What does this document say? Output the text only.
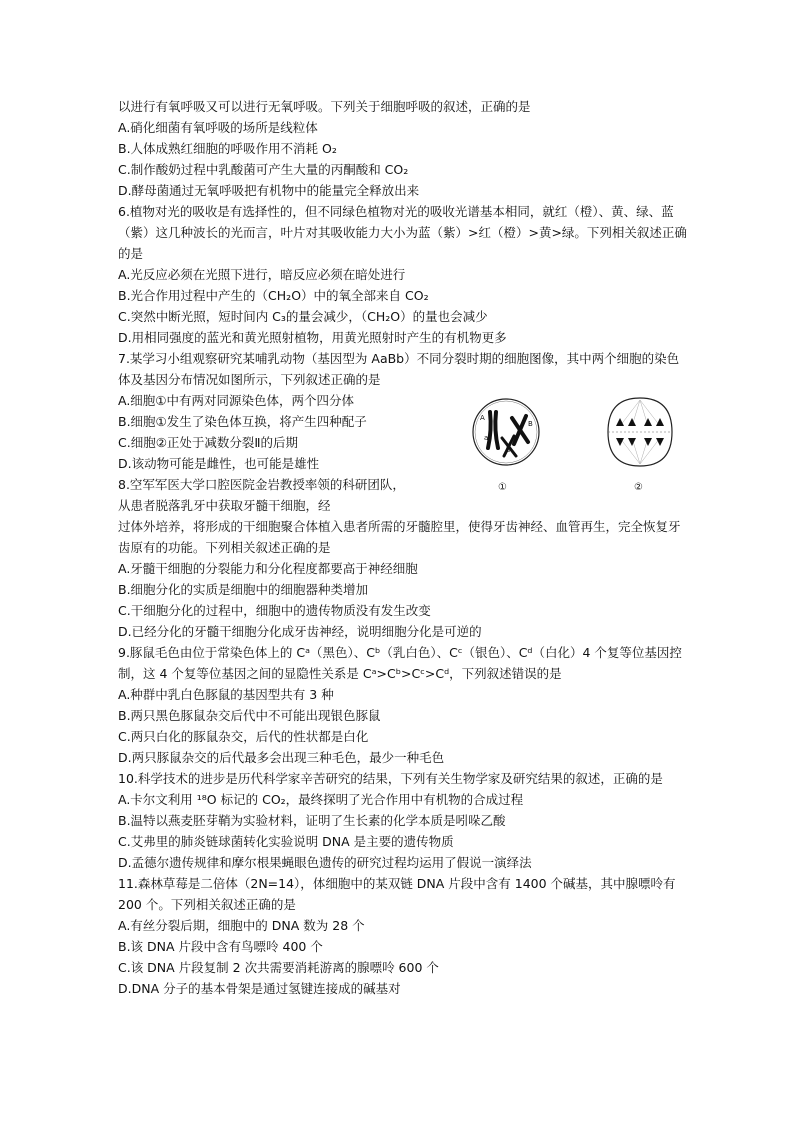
以进行有氧呼吸又可以进行无氧呼吸。下列关于细胞呼吸的叙述，正确的是
A.硝化细菌有氧呼吸的场所是线粒体
B.人体成熟红细胞的呼吸作用不消耗 O₂
C.制作酸奶过程中乳酸菌可产生大量的丙酮酸和 CO₂
D.酵母菌通过无氧呼吸把有机物中的能量完全释放出来
6.植物对光的吸收是有选择性的，但不同绿色植物对光的吸收光谱基本相同，就红（橙）、黄、绿、蓝（紫）这几种波长的光而言，叶片对其吸收能力大小为蓝（紫）>红（橙）>黄>绿。下列相关叙述正确的是
A.光反应必须在光照下进行，暗反应必须在暗处进行
B.光合作用过程中产生的（CH₂O）中的氧全部来自 CO₂
C.突然中断光照，短时间内 C₃的量会减少，（CH₂O）的量也会减少
D.用相同强度的蓝光和黄光照射植物，用黄光照射时产生的有机物更多
7.某学习小组观察研究某哺乳动物（基因型为 AaBb）不同分裂时期的细胞图像，其中两个细胞的染色体及基因分布情况如图所示，下列叙述正确的是
A.细胞①中有两对同源染色体，两个四分体
B.细胞①发生了染色体互换，将产生四种配子
C.细胞②正处于减数分裂Ⅱ的后期
D.该动物可能是雌性，也可能是雄性
8.空军军医大学口腔医院金岩教授率领的科研团队，
从患者脱落乳牙中获取牙髓干细胞，经
A
a
B
b
①	②
过体外培养，将形成的干细胞聚合体植入患者所需的牙髓腔里，使得牙齿神经、血管再生，完全恢复牙齿原有的功能。下列相关叙述正确的是
A.牙髓干细胞的分裂能力和分化程度都要高于神经细胞
B.细胞分化的实质是细胞中的细胞器种类增加
C.干细胞分化的过程中，细胞中的遗传物质没有发生改变
D.已经分化的牙髓干细胞分化成牙齿神经，说明细胞分化是可逆的
9.豚鼠毛色由位于常染色体上的 Cᵃ（黑色）、Cᵇ（乳白色）、Cᶜ（银色）、Cᵈ（白化）4 个复等位基因控制，这 4 个复等位基因之间的显隐性关系是 Cᵃ>Cᵇ>Cᶜ>Cᵈ，下列叙述错误的是
A.种群中乳白色豚鼠的基因型共有 3 种
B.两只黑色豚鼠杂交后代中不可能出现银色豚鼠
C.两只白化的豚鼠杂交，后代的性状都是白化
D.两只豚鼠杂交的后代最多会出现三种毛色，最少一种毛色
10.科学技术的进步是历代科学家辛苦研究的结果，下列有关生物学家及研究结果的叙述，正确的是
A.卡尔文利用 ¹⁸O 标记的 CO₂，最终探明了光合作用中有机物的合成过程
B.温特以燕麦胚芽鞘为实验材料，证明了生长素的化学本质是吲哚乙酸
C.艾弗里的肺炎链球菌转化实验说明 DNA 是主要的遗传物质
D.孟德尔遗传规律和摩尔根果蝇眼色遗传的研究过程均运用了假说一演绎法
11.森林草莓是二倍体（2N=14），体细胞中的某双链 DNA 片段中含有 1400 个碱基，其中腺嘌呤有 200 个。下列相关叙述正确的是
A.有丝分裂后期，细胞中的 DNA 数为 28 个
B.该 DNA 片段中含有鸟嘌呤 400 个
C.该 DNA 片段复制 2 次共需要消耗游离的腺嘌呤 600 个
D.DNA 分子的基本骨架是通过氢键连接成的碱基对
